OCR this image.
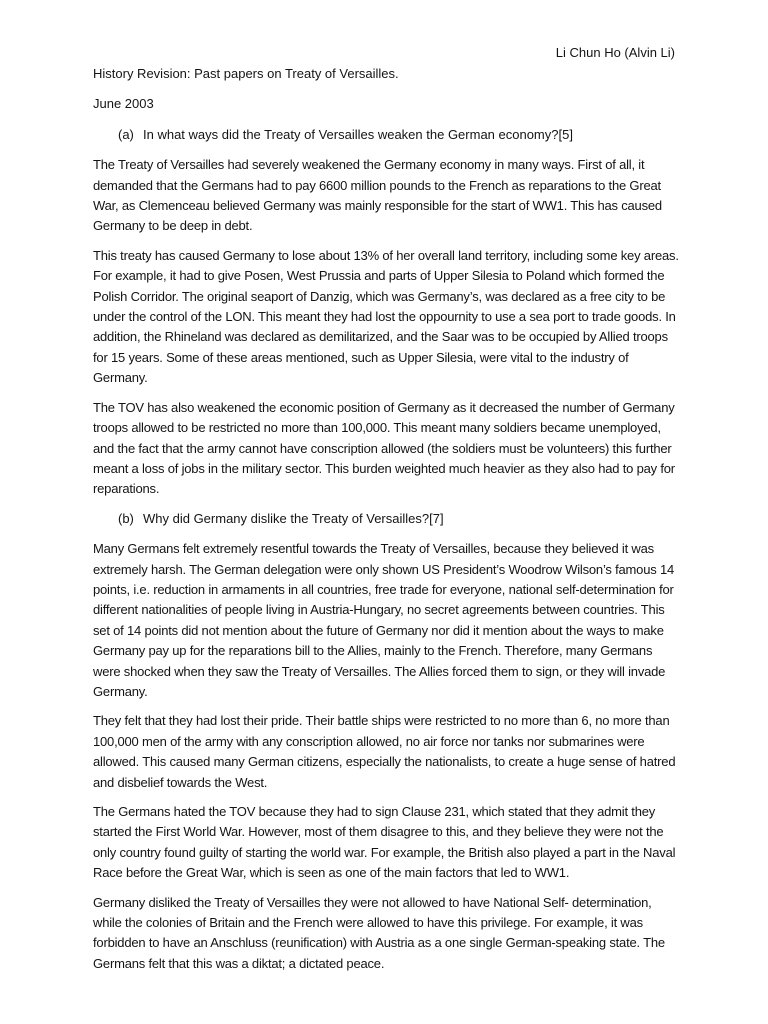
Li Chun Ho (Alvin Li)

History Revision: Past papers on Treaty of Versailles.

June 2003

(a) In what ways did the Treaty of Versailles weaken the German economy?[5]

The Treaty of Versailles had severely weakened the Germany economy in many ways. First of all, it demanded that the Germans had to pay 6600 million pounds to the French as reparations to the Great War, as Clemenceau believed Germany was mainly responsible for the start of WW1. This has caused Germany to be deep in debt.

This treaty has caused Germany to lose about 13% of her overall land territory, including some key areas. For example, it had to give Posen, West Prussia and parts of Upper Silesia to Poland which formed the Polish Corridor. The original seaport of Danzig, which was Germany’s, was declared as a free city to be under the control of the LON. This meant they had lost the oppournity to use a sea port to trade goods. In addition, the Rhineland was declared as demilitarized, and the Saar was to be occupied by Allied troops for 15 years. Some of these areas mentioned, such as Upper Silesia, were vital to the industry of Germany.

The TOV has also weakened the economic position of Germany as it decreased the number of Germany troops allowed to be restricted no more than 100,000. This meant many soldiers became unemployed, and the fact that the army cannot have conscription allowed (the soldiers must be volunteers) this further meant a loss of jobs in the military sector. This burden weighted much heavier as they also had to pay for reparations.

(b) Why did Germany dislike the Treaty of Versailles?[7]

Many Germans felt extremely resentful towards the Treaty of Versailles, because they believed it was extremely harsh. The German delegation were only shown US President’s Woodrow Wilson’s famous 14 points, i.e. reduction in armaments in all countries, free trade for everyone, national self-determination for different nationalities of people living in Austria-Hungary, no secret agreements between countries. This set of 14 points did not mention about the future of Germany nor did it mention about the ways to make Germany pay up for the reparations bill to the Allies, mainly to the French. Therefore, many Germans were shocked when they saw the Treaty of Versailles. The Allies forced them to sign, or they will invade Germany.

They felt that they had lost their pride. Their battle ships were restricted to no more than 6, no more than 100,000 men of the army with any conscription allowed, no air force nor tanks nor submarines were allowed. This caused many German citizens, especially the nationalists, to create a huge sense of hatred and disbelief towards the West.

The Germans hated the TOV because they had to sign Clause 231, which stated that they admit they started the First World War. However, most of them disagree to this, and they believe they were not the only country found guilty of starting the world war. For example, the British also played a part in the Naval Race before the Great War, which is seen as one of the main factors that led to WW1.

Germany disliked the Treaty of Versailles they were not allowed to have National Self- determination, while the colonies of Britain and the French were allowed to have this privilege. For example, it was forbidden to have an Anschluss (reunification) with Austria as a one single German-speaking state. The Germans felt that this was a diktat; a dictated peace.
